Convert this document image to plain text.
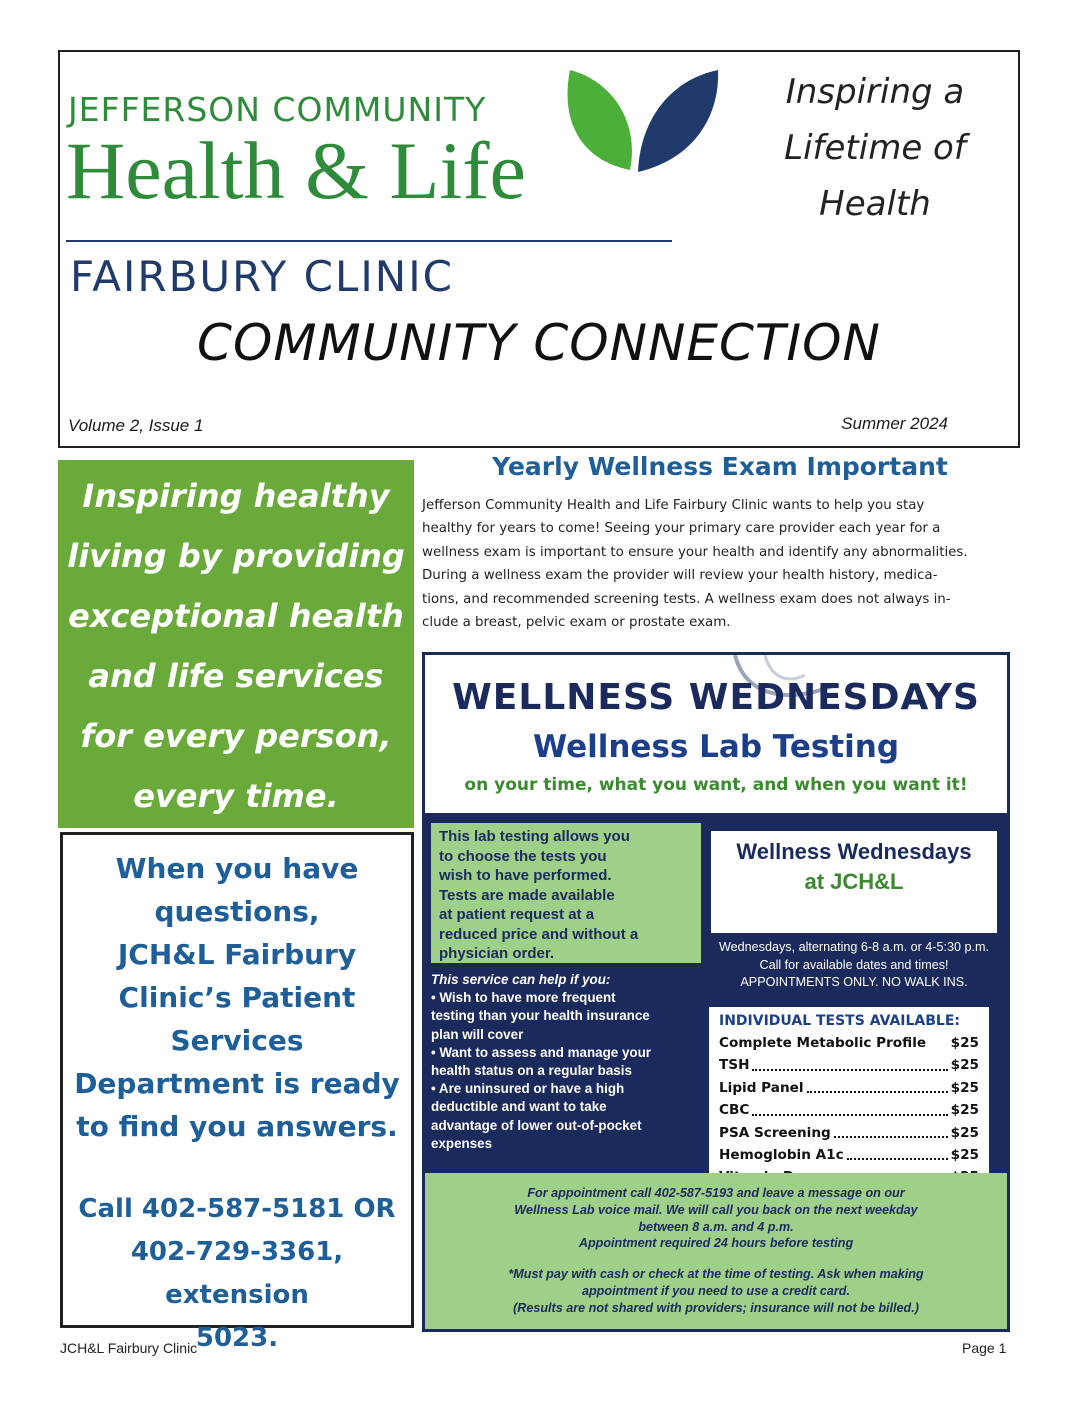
JEFFERSON COMMUNITY
Health & Life
FAIRBURY CLINIC
Inspiring a
Lifetime of
Health
COMMUNITY CONNECTION
Volume 2, Issue 1	Summer 2024
Inspiring healthy
living by providing
exceptional health
and life services
for every person,
every time.
When you have
questions,
JCH&L Fairbury
Clinic’s Patient
Services
Department is ready
to find you answers.
Call 402-587-5181 OR
402-729-3361, extension
5023.
Yearly Wellness Exam Important
Jefferson Community Health and Life Fairbury Clinic wants to help you stay
healthy for years to come! Seeing your primary care provider each year for a
wellness exam is important to ensure your health and identify any abnormalities.
During a wellness exam the provider will review your health history, medica-
tions, and recommended screening tests. A wellness exam does not always in-
clude a breast, pelvic exam or prostate exam.
WELLNESS WEDNESDAYS
Wellness Lab Testing
on your time, what you want, and when you want it!
This lab testing allows you
to choose the tests you
wish to have performed.
Tests are made available
at patient request at a
reduced price and without a
physician order.
This service can help if you:
• Wish to have more frequent
testing than your health insurance
plan will cover
• Want to assess and manage your
health status on a regular basis
• Are uninsured or have a high
deductible and want to take
advantage of lower out-of-pocket
expenses
Wellness Wednesdays
at JCH&L
Wednesdays, alternating 6-8 a.m. or 4-5:30 p.m.
Call for available dates and times!
APPOINTMENTS ONLY. NO WALK INS.
INDIVIDUAL TESTS AVAILABLE:
Complete Metabolic Profile $25
TSH	$25
Lipid Panel	$25
CBC	$25
PSA Screening	$25
Hemoglobin A1c	$25
For appointment call 402-587-5193 and leave a message on our
Wellness Lab voice mail. We will call you back on the next weekday
between 8 a.m. and 4 p.m.
Appointment required 24 hours before testing
*Must pay with cash or check at the time of testing. Ask when making
appointment if you need to use a credit card.
(Results are not shared with providers; insurance will not be billed.)
JCH&L Fairbury Clinic	Page 1
